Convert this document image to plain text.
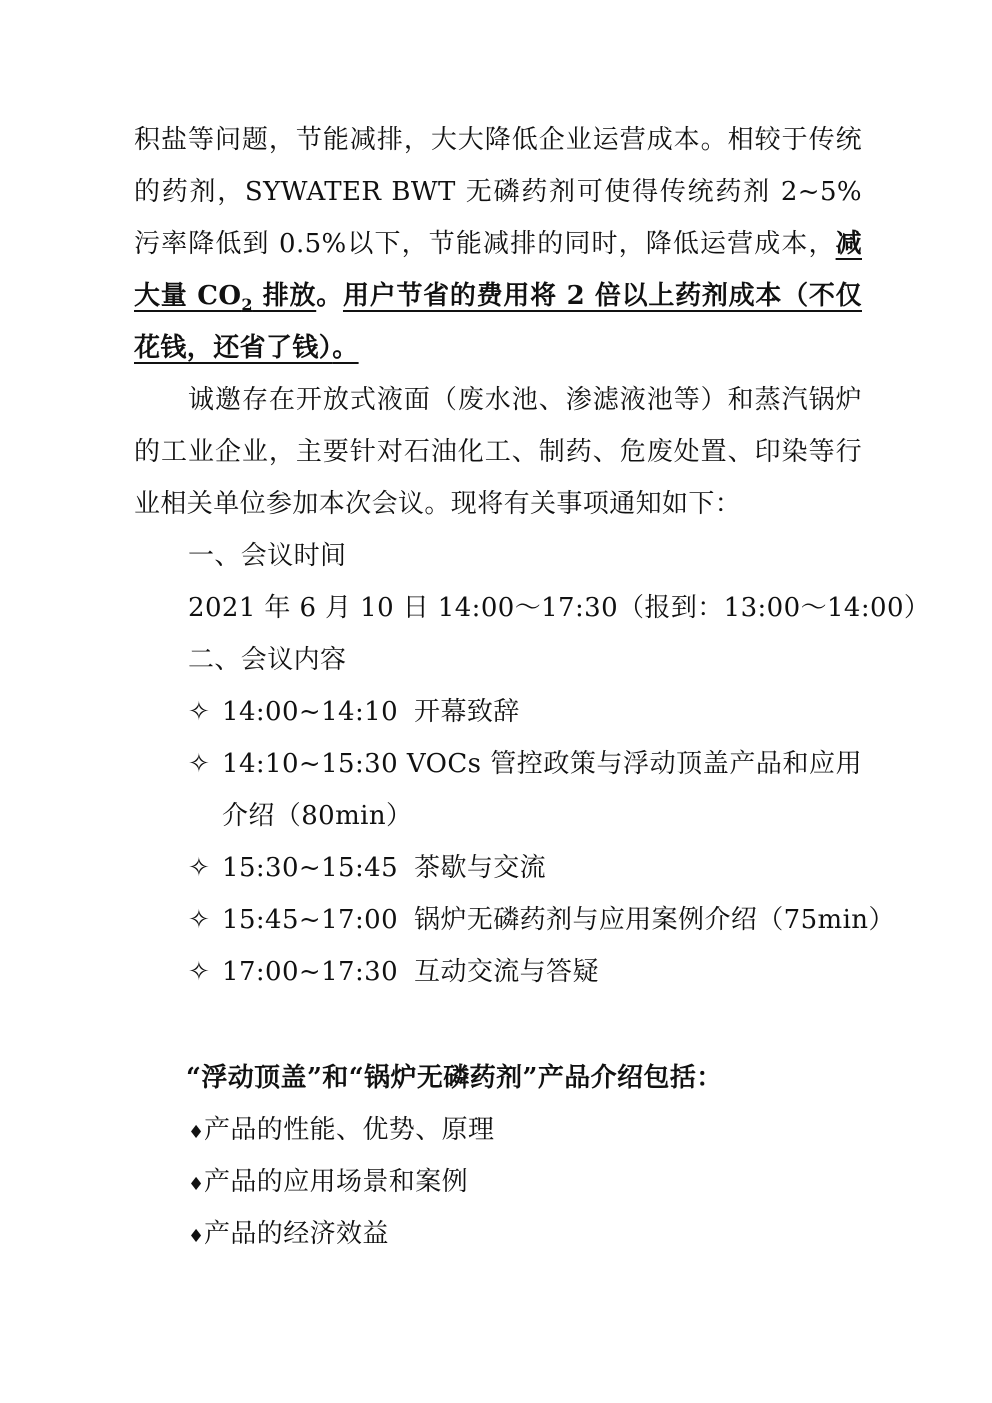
积盐等问题，节能减排，大大降低企业运营成本。相较于传统
的药剂，SYWATER BWT 无磷药剂可使得传统药剂 2~5%
污率降低到 0.5%以下，节能减排的同时，降低运营成本，减
大量 $CO_2$ 排放。用户节省的费用将 2 倍以上药剂成本（不仅
花钱，还省了钱）。
诚邀存在开放式液面（废水池、渗滤液池等）和蒸汽锅炉
的工业企业，主要针对石油化工、制药、危废处置、印染等行
业相关单位参加本次会议。现将有关事项通知如下：
一、会议时间
2021 年 6 月 10 日 14:00～17:30（报到：13:00～14:00）
二、会议内容
✧ 14:00~14:10 开幕致辞
✧ 14:10~15:30 VOCs 管控政策与浮动顶盖产品和应用
介绍（80min）
✧ 15:30~15:45 茶歇与交流
✧ 15:45~17:00 锅炉无磷药剂与应用案例介绍（75min）
✧ 17:00~17:30 互动交流与答疑
“浮动顶盖”和“锅炉无磷药剂”产品介绍包括：
♦产品的性能、优势、原理
♦产品的应用场景和案例
♦产品的经济效益
